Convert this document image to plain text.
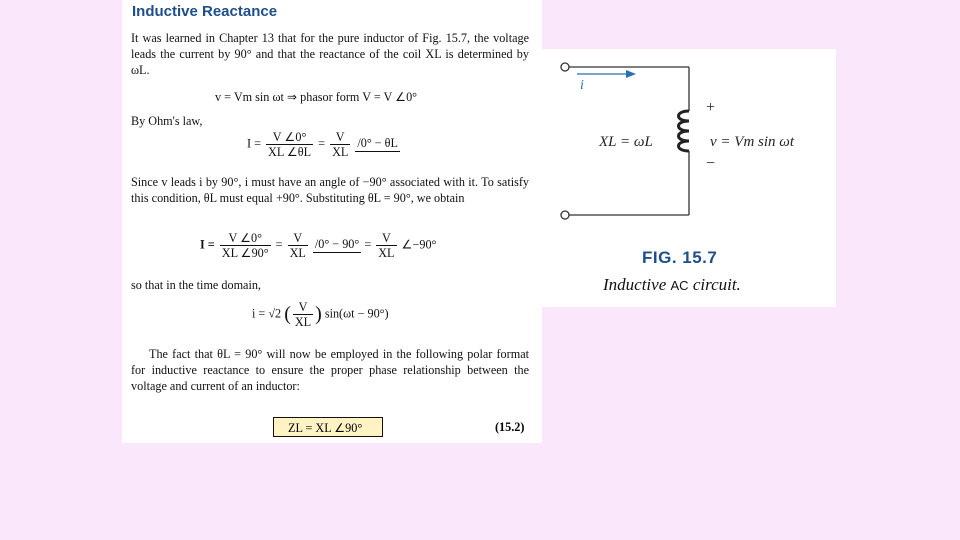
Inductive Reactance
It was learned in Chapter 13 that for the pure inductor of Fig. 15.7, the voltage leads the current by 90° and that the reactance of the coil XL is determined by ωL.
v = Vm sin ωt ⇒ phasor form V = V ∠0°
By Ohm's law,
$I = \frac{V \angle 0^\circ}{XL \angle\theta L} = \frac{V}{XL} /0^\circ - \theta L$
Since v leads i by 90°, i must have an angle of −90° associated with it. To satisfy this condition, θL must equal +90°. Substituting θL = 90°, we obtain
$I = \frac{V \angle 0^\circ}{XL \angle 90^\circ} = \frac{V}{XL} /0^\circ - 90^\circ = \frac{V}{XL}$ ∠−90°
so that in the time domain,
i = √2 ( $\frac{V}{XL}$ ) sin(ωt − 90°)
The fact that θL = 90° will now be employed in the following polar format for inductive reactance to ensure the proper phase relationship between the voltage and current of an inductor:
ZL = XL ∠90°	(15.2)
i
XL = ωL
+
−
v = Vm sin ωt
FIG. 15.7
Inductive AC circuit.
